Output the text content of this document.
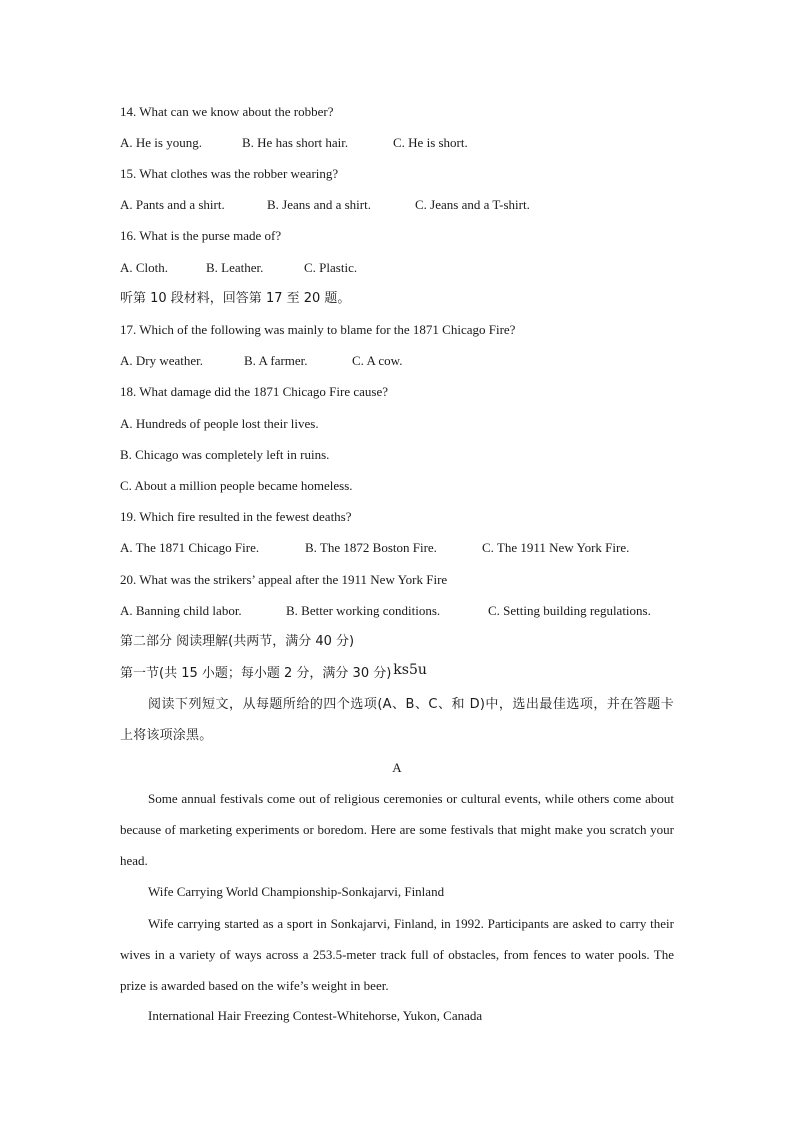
14. What can we know about the robber?
A. He is young.	B. He has short hair.	C. He is short.
15. What clothes was the robber wearing?
A. Pants and a shirt.	B. Jeans and a shirt.	C. Jeans and a T-shirt.
16. What is the purse made of?
A. Cloth.	B. Leather.	C. Plastic.
听第 10 段材料，回答第 17 至 20 题。
17. Which of the following was mainly to blame for the 1871 Chicago Fire?
A. Dry weather.	B. A farmer.	C. A cow.
18. What damage did the 1871 Chicago Fire cause?
A. Hundreds of people lost their lives.
B. Chicago was completely left in ruins.
C. About a million people became homeless.
19. Which fire resulted in the fewest deaths?
A. The 1871 Chicago Fire.	B. The 1872 Boston Fire.	C. The 1911 New York Fire.
20. What was the strikers’ appeal after the 1911 New York Fire
A. Banning child labor.	B. Better working conditions.	C. Setting building regulations.
第二部分 阅读理解(共两节，满分 40 分)
第一节(共 15 小题；每小题 2 分，满分 30 分) ks5u
阅读下列短文，从每题所给的四个选项(A、B、C、和 D)中，选出最佳选项，并在答题卡上将该项涂黑。
A
Some annual festivals come out of religious ceremonies or cultural events, while others come about because of marketing experiments or boredom. Here are some festivals that might make you scratch your head.
Wife Carrying World Championship-Sonkajarvi, Finland
Wife carrying started as a sport in Sonkajarvi, Finland, in 1992. Participants are asked to carry their wives in a variety of ways across a 253.5-meter track full of obstacles, from fences to water pools. The prize is awarded based on the wife’s weight in beer.
International Hair Freezing Contest-Whitehorse, Yukon, Canada
